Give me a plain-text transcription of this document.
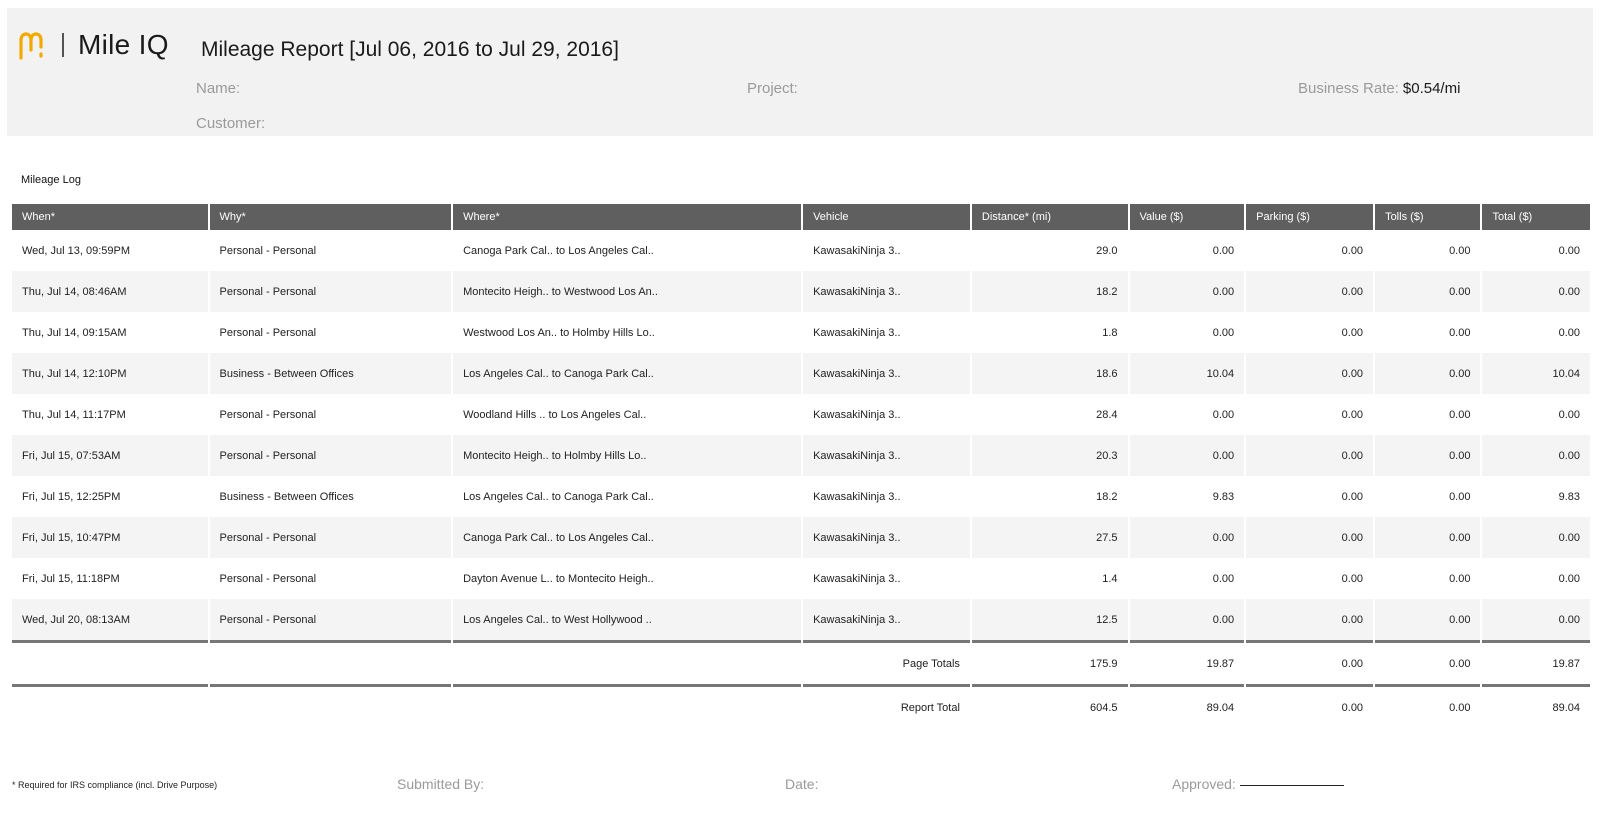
Mile IQ Mileage Report [Jul 06, 2016 to Jul 29, 2016]
Name:	Project:	Business Rate: $0.54/mi
Customer:
Mileage Log
When*	Why*	Where*	Vehicle	Distance* (mi)	Value ($)	Parking ($)	Tolls ($)	Total ($)
Wed, Jul 13, 09:59PM	Personal - Personal	Canoga Park Cal.. to Los Angeles Cal..	KawasakiNinja 3..	29.0	0.00	0.00	0.00	0.00
Thu, Jul 14, 08:46AM	Personal - Personal	Montecito Heigh.. to Westwood Los An..	KawasakiNinja 3..	18.2	0.00	0.00	0.00	0.00
Thu, Jul 14, 09:15AM	Personal - Personal	Westwood Los An.. to Holmby Hills Lo..	KawasakiNinja 3..	1.8	0.00	0.00	0.00	0.00
Thu, Jul 14, 12:10PM	Business - Between Offices	Los Angeles Cal.. to Canoga Park Cal..	KawasakiNinja 3..	18.6	10.04	0.00	0.00	10.04
Thu, Jul 14, 11:17PM	Personal - Personal	Woodland Hills .. to Los Angeles Cal..	KawasakiNinja 3..	28.4	0.00	0.00	0.00	0.00
Fri, Jul 15, 07:53AM	Personal - Personal	Montecito Heigh.. to Holmby Hills Lo..	KawasakiNinja 3..	20.3	0.00	0.00	0.00	0.00
Fri, Jul 15, 12:25PM	Business - Between Offices	Los Angeles Cal.. to Canoga Park Cal..	KawasakiNinja 3..	18.2	9.83	0.00	0.00	9.83
Fri, Jul 15, 10:47PM	Personal - Personal	Canoga Park Cal.. to Los Angeles Cal..	KawasakiNinja 3..	27.5	0.00	0.00	0.00	0.00
Fri, Jul 15, 11:18PM	Personal - Personal	Dayton Avenue L.. to Montecito Heigh..	KawasakiNinja 3..	1.4	0.00	0.00	0.00	0.00
Wed, Jul 20, 08:13AM	Personal - Personal	Los Angeles Cal.. to West Hollywood ..	KawasakiNinja 3..	12.5	0.00	0.00	0.00	0.00

			Page Totals	175.9	19.87	0.00	0.00	19.87

			Report Total	604.5	89.04	0.00	0.00	89.04
* Required for IRS compliance (incl. Drive Purpose)	Submitted By:	Date:	Approved:
